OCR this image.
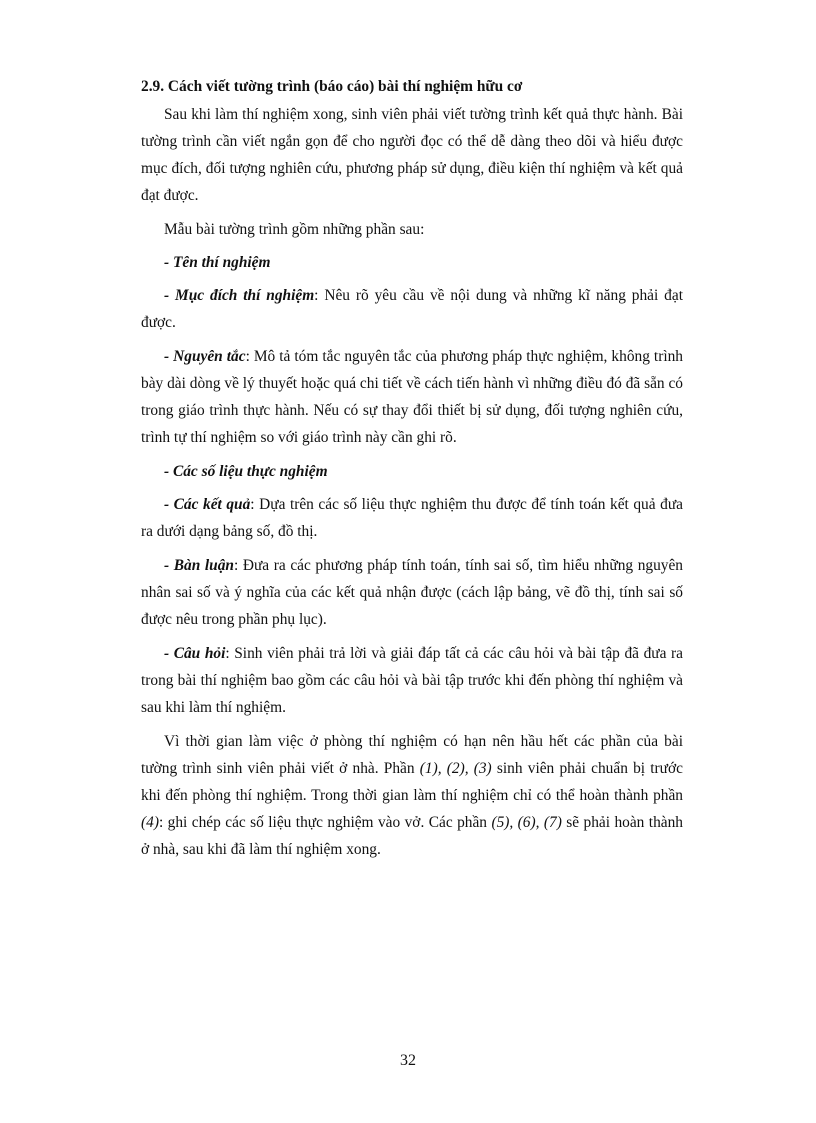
2.9. Cách viết tường trình (báo cáo) bài thí nghiệm hữu cơ

Sau khi làm thí nghiệm xong, sinh viên phải viết tường trình kết quả thực hành. Bài tường trình cần viết ngắn gọn để cho người đọc có thể dễ dàng theo dõi và hiểu được mục đích, đối tượng nghiên cứu, phương pháp sử dụng, điều kiện thí nghiệm và kết quả đạt được.

Mẫu bài tường trình gồm những phần sau:

- Tên thí nghiệm

- Mục đích thí nghiệm: Nêu rõ yêu cầu về nội dung và những kĩ năng phải đạt được.

- Nguyên tắc: Mô tả tóm tắc nguyên tắc của phương pháp thực nghiệm, không trình bày dài dòng về lý thuyết hoặc quá chi tiết về cách tiến hành vì những điều đó đã sẵn có trong giáo trình thực hành. Nếu có sự thay đổi thiết bị sử dụng, đối tượng nghiên cứu, trình tự thí nghiệm so với giáo trình này cần ghi rõ.

- Các số liệu thực nghiệm

- Các kết quả: Dựa trên các số liệu thực nghiệm thu được để tính toán kết quả đưa ra dưới dạng bảng số, đồ thị.

- Bàn luận: Đưa ra các phương pháp tính toán, tính sai số, tìm hiểu những nguyên nhân sai số và ý nghĩa của các kết quả nhận được (cách lập bảng, vẽ đồ thị, tính sai số được nêu trong phần phụ lục).

- Câu hỏi: Sinh viên phải trả lời và giải đáp tất cả các câu hỏi và bài tập đã đưa ra trong bài thí nghiệm bao gồm các câu hỏi và bài tập trước khi đến phòng thí nghiệm và sau khi làm thí nghiệm.

Vì thời gian làm việc ở phòng thí nghiệm có hạn nên hầu hết các phần của bài tường trình sinh viên phải viết ở nhà. Phần (1), (2), (3) sinh viên phải chuẩn bị trước khi đến phòng thí nghiệm. Trong thời gian làm thí nghiệm chỉ có thể hoàn thành phần (4): ghi chép các số liệu thực nghiệm vào vở. Các phần (5), (6), (7) sẽ phải hoàn thành ở nhà, sau khi đã làm thí nghiệm xong.

32
